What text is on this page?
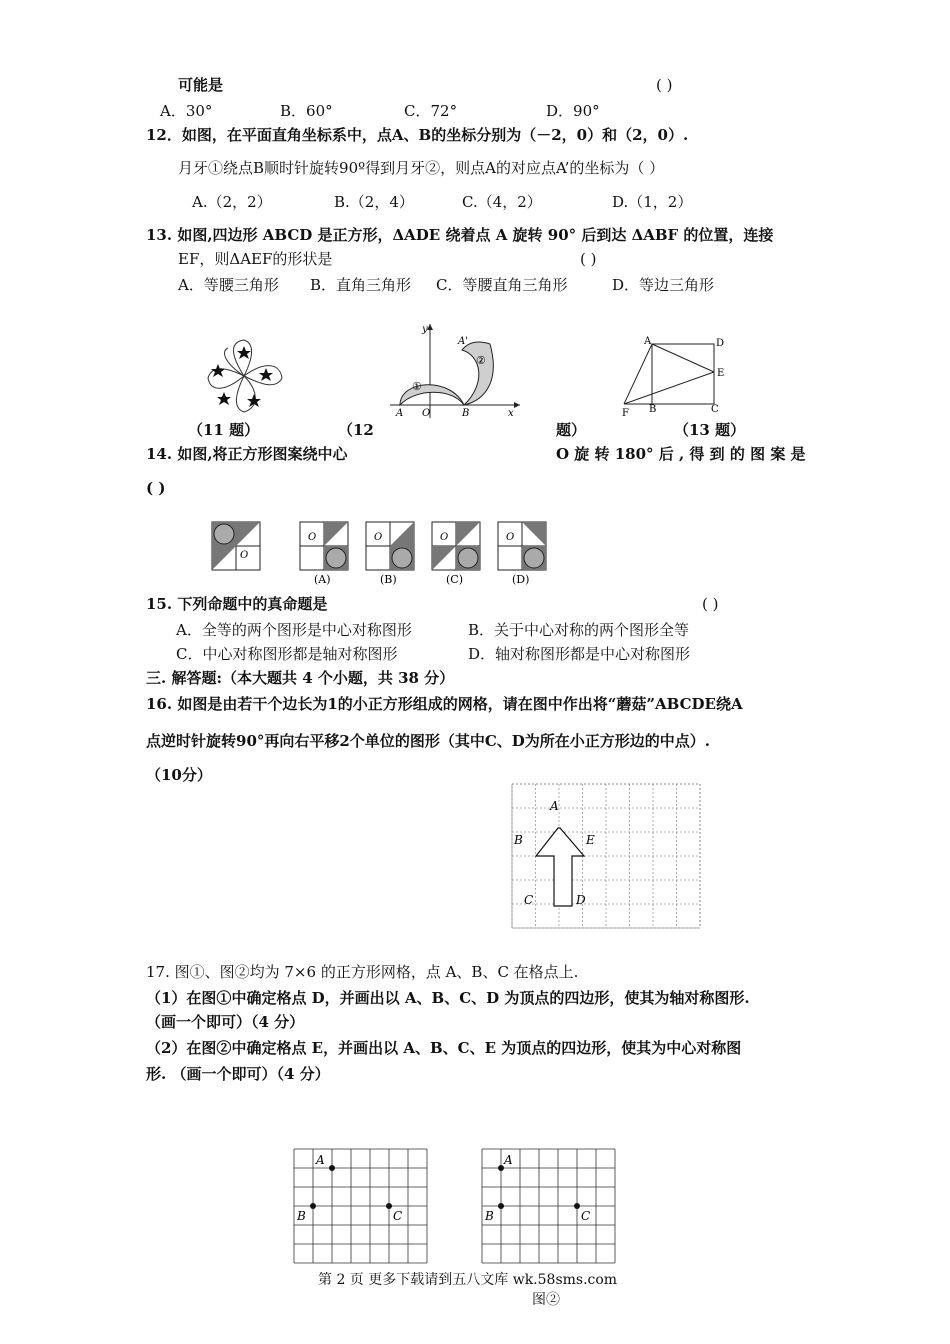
可能是	( )
A．30°	B．60°	C．72°	D．90°
12．如图，在平面直角坐标系中，点A、B的坐标分别为（－2，0）和（2，0）.
月牙①绕点B顺时针旋转90º得到月牙②，则点A的对应点A’的坐标为（ ）
A.（2，2）	B.（2，4）	C.（4，2）	D.（1，2）
13. 如图,四边形 ABCD 是正方形，ΔADE 绕着点 A 旋转 90° 后到达 ΔABF 的位置，连接
EF，则ΔAEF的形状是	( )
A．等腰三角形 B．直角三角形 C．等腰直角三角形	D．等边三角形
y
x
A O	B
A'
①
②
A	D
E
F B	C
（11 题）	（12	题）	（13 题）
14. 如图,将正方形图案绕中心	O 旋 转 180° 后 , 得 到 的 图 案 是
( )
O
O	O	O	O
(A)	(B)	(C)	(D)
15. 下列命题中的真命题是	( )
A．全等的两个图形是中心对称图形	B．关于中心对称的两个图形全等
C．中心对称图形都是轴对称图形	D．轴对称图形都是中心对称图形
三. 解答题:（本大题共 4 个小题，共 38 分）
16. 如图是由若干个边长为1的小正方形组成的网格，请在图中作出将“蘑菇”ABCDE绕A
点逆时针旋转90°再向右平移2个单位的图形（其中C、D为所在小正方形边的中点）.
（10分）
A
B	E
C	D
17. 图①、图②均为 7×6 的正方形网格，点 A、B、C 在格点上.
（1）在图①中确定格点 D，并画出以 A、B、C、D 为顶点的四边形，使其为轴对称图形.
（画一个即可）（4 分）
（2）在图②中确定格点 E，并画出以 A、B、C、E 为顶点的四边形，使其为中心对称图
形. （画一个即可）（4 分）
A
B	C
A
B	C
第 2 页 更多下载请到五八文库 wk.58sms.com
图②
